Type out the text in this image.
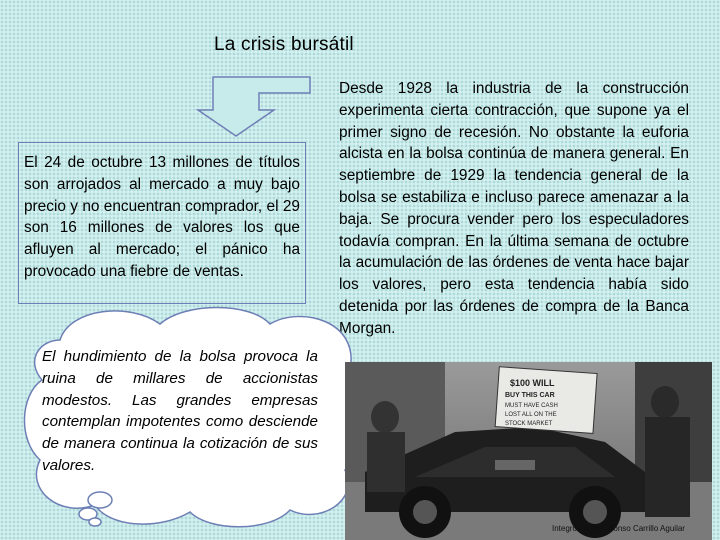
La crisis bursátil
El 24 de octubre 13 millones de títulos son arrojados al mercado a muy bajo precio y no encuentran comprador, el 29 son 16 millones de valores los que afluyen al mercado; el pánico ha provocado una fiebre de ventas.
Desde 1928 la industria de la construcción experimenta cierta contracción, que supone ya el primer signo de recesión. No obstante la euforia alcista en la bolsa continúa de manera general. En septiembre de 1929 la tendencia general de la bolsa se estabiliza e incluso parece amenazar a la baja. Se procura vender pero los especuladores todavía compran. En la última semana de octubre la acumulación de las órdenes de venta hace bajar los valores, pero esta tendencia había sido detenida por las órdenes de compra de la Banca Morgan.
El hundimiento de la bolsa provoca la ruina de millares de accionistas modestos. Las grandes empresas contemplan impotentes como desciende de manera continua la cotización de sus valores.
$100 WILL
BUY THIS CAR
MUST HAVE CASH
LOST ALL ON THE
STOCK MARKET
Integrò:Rafael Alfonso Carrillo Aguilar
